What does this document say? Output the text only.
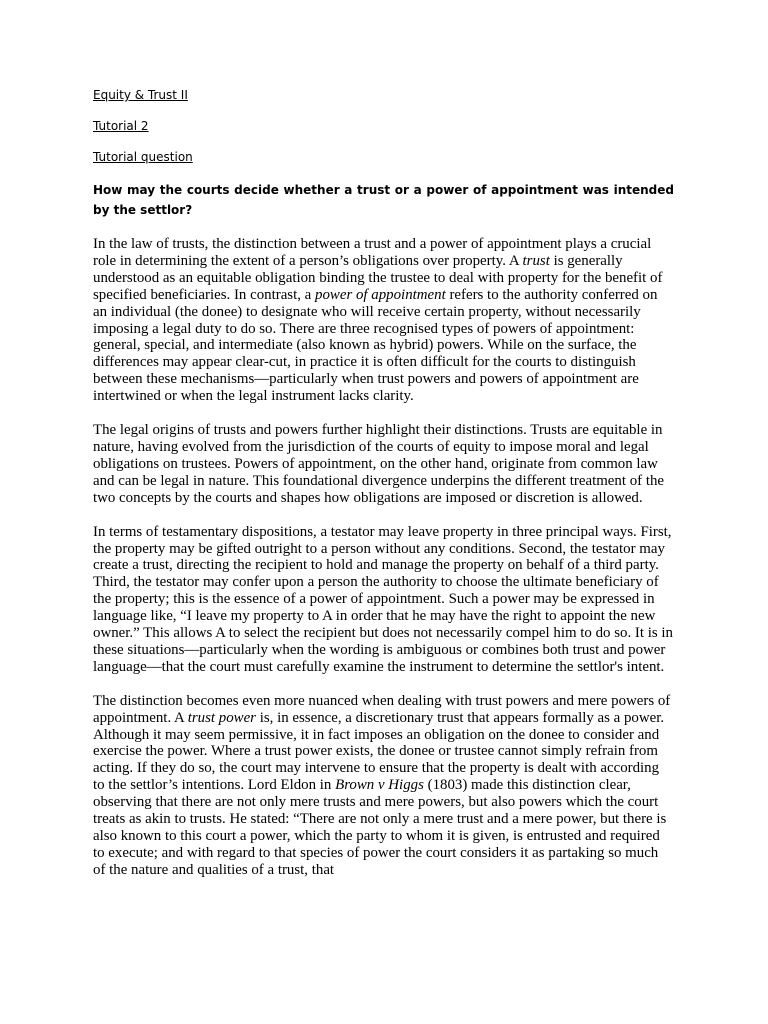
Equity & Trust II
Tutorial 2
Tutorial question
How may the courts decide whether a trust or a power of appointment was intended by the settlor?

In the law of trusts, the distinction between a trust and a power of appointment plays a crucial role in determining the extent of a person’s obligations over property. A trust is generally understood as an equitable obligation binding the trustee to deal with property for the benefit of specified beneficiaries. In contrast, a power of appointment refers to the authority conferred on an individual (the donee) to designate who will receive certain property, without necessarily imposing a legal duty to do so. There are three recognised types of powers of appointment: general, special, and intermediate (also known as hybrid) powers. While on the surface, the differences may appear clear-cut, in practice it is often difficult for the courts to distinguish between these mechanisms—particularly when trust powers and powers of appointment are intertwined or when the legal instrument lacks clarity.

The legal origins of trusts and powers further highlight their distinctions. Trusts are equitable in nature, having evolved from the jurisdiction of the courts of equity to impose moral and legal obligations on trustees. Powers of appointment, on the other hand, originate from common law and can be legal in nature. This foundational divergence underpins the different treatment of the two concepts by the courts and shapes how obligations are imposed or discretion is allowed.

In terms of testamentary dispositions, a testator may leave property in three principal ways. First, the property may be gifted outright to a person without any conditions. Second, the testator may create a trust, directing the recipient to hold and manage the property on behalf of a third party. Third, the testator may confer upon a person the authority to choose the ultimate beneficiary of the property; this is the essence of a power of appointment. Such a power may be expressed in language like, “I leave my property to A in order that he may have the right to appoint the new owner.” This allows A to select the recipient but does not necessarily compel him to do so. It is in these situations—particularly when the wording is ambiguous or combines both trust and power language—that the court must carefully examine the instrument to determine the settlor's intent.

The distinction becomes even more nuanced when dealing with trust powers and mere powers of appointment. A trust power is, in essence, a discretionary trust that appears formally as a power. Although it may seem permissive, it in fact imposes an obligation on the donee to consider and exercise the power. Where a trust power exists, the donee or trustee cannot simply refrain from acting. If they do so, the court may intervene to ensure that the property is dealt with according to the settlor’s intentions. Lord Eldon in Brown v Higgs (1803) made this distinction clear, observing that there are not only mere trusts and mere powers, but also powers which the court treats as akin to trusts. He stated: “There are not only a mere trust and a mere power, but there is also known to this court a power, which the party to whom it is given, is entrusted and required to execute; and with regard to that species of power the court considers it as partaking so much of the nature and qualities of a trust, that
